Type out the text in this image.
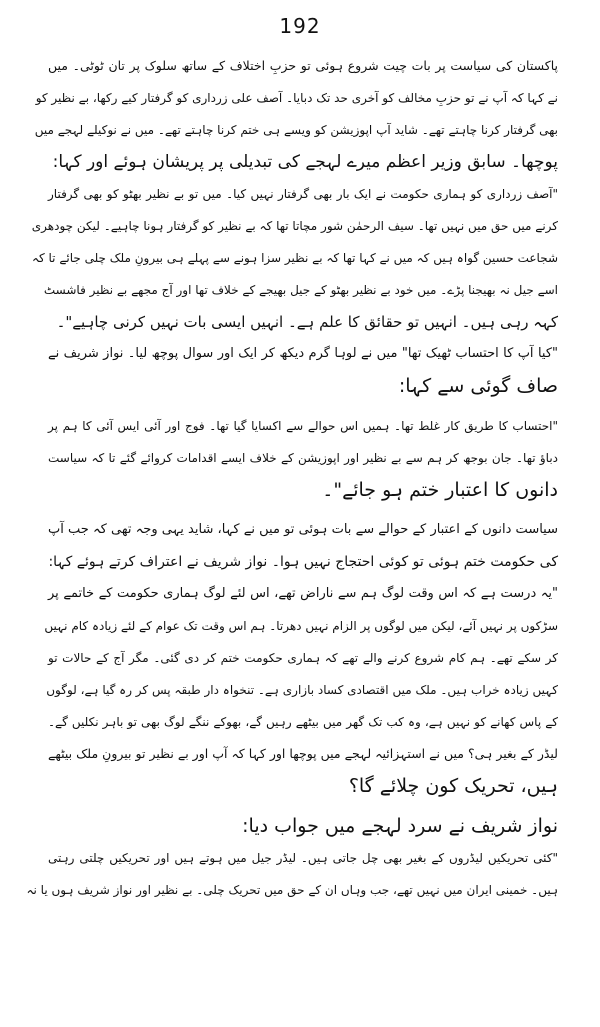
192
پاکستان کی سیاست پر بات چیت شروع ہوئی تو حزبِ اختلاف کے ساتھ سلوک پر تان ٹوٹی۔ میں
نے کہا کہ آپ نے تو حزبِ مخالف کو آخری حد تک دبایا۔ آصف علی زرداری کو گرفتار کیے رکھا، بے نظیر کو
بھی گرفتار کرنا چاہتے تھے۔ شاید آپ اپوزیشن کو ویسے ہی ختم کرنا چاہتے تھے۔ میں نے نوکیلے لہجے میں
پوچھا۔ سابق وزیر اعظم میرے لہجے کی تبدیلی پر پریشان ہوئے اور کہا:
"آصف زرداری کو ہماری حکومت نے ایک بار بھی گرفتار نہیں کیا۔ میں تو بے نظیر بھٹو کو بھی گرفتار
کرنے میں حق میں نہیں تھا۔ سیف الرحمٰن شور مچاتا تھا کہ بے نظیر کو گرفتار ہونا چاہیے۔ لیکن چودھری
شجاعت حسین گواہ ہیں کہ میں نے کہا تھا کہ بے نظیر سزا ہونے سے پہلے ہی بیرونِ ملک چلی جائے تا کہ
اسے جیل نہ بھیجنا پڑے۔ میں خود بے نظیر بھٹو کے جیل بھیجے کے خلاف تھا اور آج مجھے بے نظیر فاشسٹ
کہہ رہی ہیں۔ انہیں تو حقائق کا علم ہے۔ انہیں ایسی بات نہیں کرنی چاہیے"۔
"کیا آپ کا احتساب ٹھیک تھا" میں نے لوہا گرم دیکھ کر ایک اور سوال پوچھ لیا۔ نواز شریف نے
صاف گوئی سے کہا:
"احتساب کا طریق کار غلط تھا۔ ہمیں اس حوالے سے اکسایا گیا تھا۔ فوج اور آئی ایس آئی کا ہم پر
دباؤ تھا۔ جان بوجھ کر ہم سے بے نظیر اور اپوزیشن کے خلاف ایسے اقدامات کروائے گئے تا کہ سیاست
دانوں کا اعتبار ختم ہو جائے"۔
سیاست دانوں کے اعتبار کے حوالے سے بات ہوئی تو میں نے کہا، شاید یہی وجہ تھی کہ جب آپ
کی حکومت ختم ہوئی تو کوئی احتجاج نہیں ہوا۔ نواز شریف نے اعتراف کرتے ہوئے کہا:
"یہ درست ہے کہ اس وقت لوگ ہم سے ناراض تھے، اس لئے لوگ ہماری حکومت کے خاتمے پر
سڑکوں پر نہیں آئے، لیکن میں لوگوں پر الزام نہیں دھرتا۔ ہم اس وقت تک عوام کے لئے زیادہ کام نہیں
کر سکے تھے۔ ہم کام شروع کرنے والے تھے کہ ہماری حکومت ختم کر دی گئی۔ مگر آج کے حالات تو
کہیں زیادہ خراب ہیں۔ ملک میں اقتصادی کساد بازاری ہے۔ تنخواہ دار طبقہ پس کر رہ گیا ہے، لوگوں
کے پاس کھانے کو نہیں ہے، وہ کب تک گھر میں بیٹھے رہیں گے، بھوکے ننگے لوگ بھی تو باہر نکلیں گے۔
لیڈر کے بغیر ہی؟ میں نے استہزائیہ لہجے میں پوچھا اور کہا کہ آپ اور بے نظیر تو بیرونِ ملک بیٹھے
ہیں، تحریک کون چلائے گا؟
نواز شریف نے سرد لہجے میں جواب دیا:
"کئی تحریکیں لیڈروں کے بغیر بھی چل جاتی ہیں۔ لیڈر جیل میں ہوتے ہیں اور تحریکیں چلتی رہتی
ہیں۔ خمینی ایران میں نہیں تھے، جب وہاں ان کے حق میں تحریک چلی۔ بے نظیر اور نواز شریف ہوں یا نہ
